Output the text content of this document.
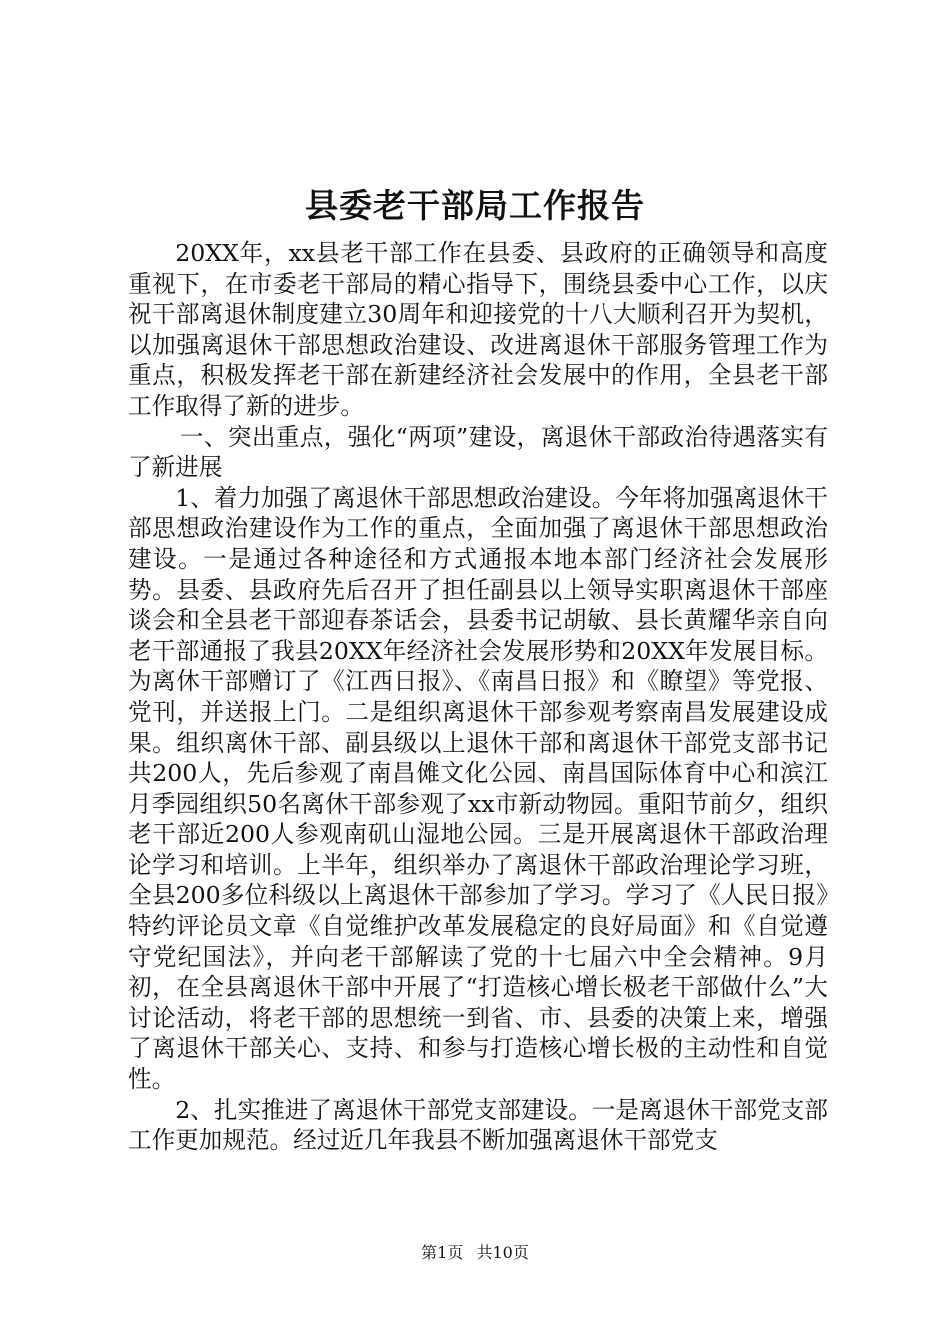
县委老干部局工作报告

20XX年，xx县老干部工作在县委、县政府的正确领导和高度重视下，在市委老干部局的精心指导下，围绕县委中心工作，以庆祝干部离退休制度建立30周年和迎接党的十八大顺利召开为契机，以加强离退休干部思想政治建设、改进离退休干部服务管理工作为重点，积极发挥老干部在新建经济社会发展中的作用，全县老干部工作取得了新的进步。

一、突出重点，强化“两项”建设，离退休干部政治待遇落实有了新进展

1、着力加强了离退休干部思想政治建设。今年将加强离退休干部思想政治建设作为工作的重点，全面加强了离退休干部思想政治建设。一是通过各种途径和方式通报本地本部门经济社会发展形势。县委、县政府先后召开了担任副县以上领导实职离退休干部座谈会和全县老干部迎春茶话会，县委书记胡敏、县长黄耀华亲自向老干部通报了我县20XX年经济社会发展形势和20XX年发展目标。为离休干部赠订了《江西日报》、《南昌日报》和《瞭望》等党报、党刊，并送报上门。二是组织离退休干部参观考察南昌发展建设成果。组织离休干部、副县级以上退休干部和离退休干部党支部书记共200人，先后参观了南昌傩文化公园、南昌国际体育中心和滨江月季园组织50名离休干部参观了xx市新动物园。重阳节前夕，组织老干部近200人参观南矶山湿地公园。三是开展离退休干部政治理论学习和培训。上半年，组织举办了离退休干部政治理论学习班，全县200多位科级以上离退休干部参加了学习。学习了《人民日报》特约评论员文章《自觉维护改革发展稳定的良好局面》和《自觉遵守党纪国法》，并向老干部解读了党的十七届六中全会精神。9月初，在全县离退休干部中开展了“打造核心增长极老干部做什么”大讨论活动，将老干部的思想统一到省、市、县委的决策上来，增强了离退休干部关心、支持、和参与打造核心增长极的主动性和自觉性。

2、扎实推进了离退休干部党支部建设。一是离退休干部党支部工作更加规范。经过近几年我县不断加强离退休干部党支

第1页 共10页
